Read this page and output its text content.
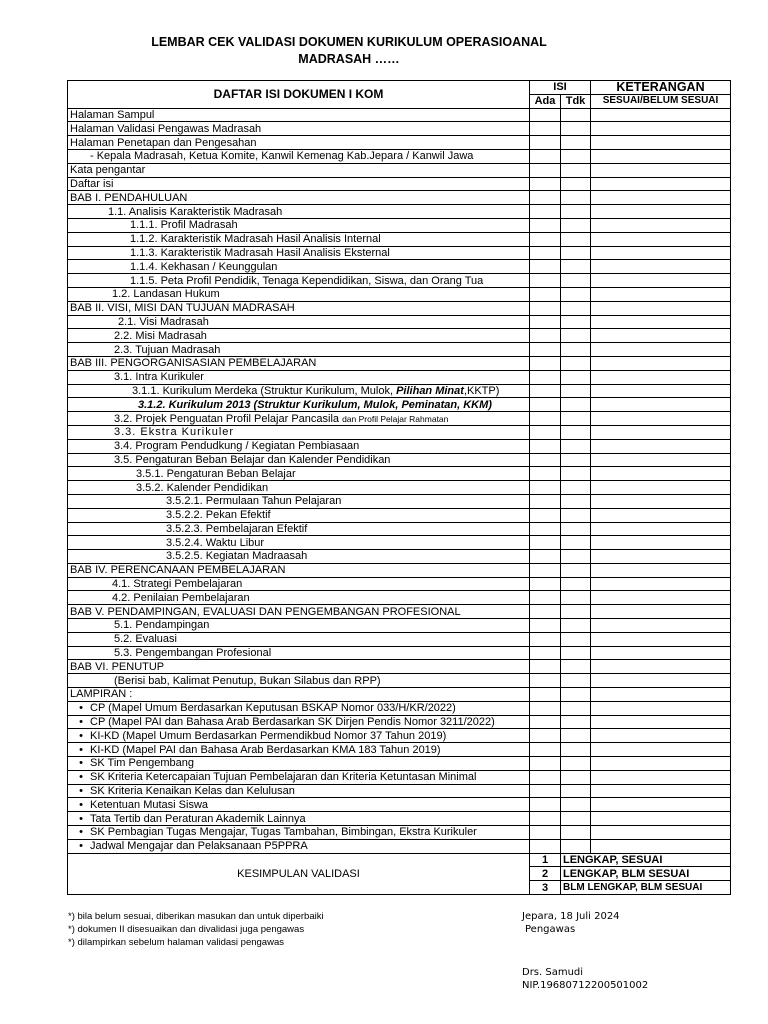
LEMBAR CEK VALIDASI DOKUMEN KURIKULUM OPERASIOANAL
MADRASAH ……
DAFTAR ISI DOKUMEN I KOM	ISI		KETERANGAN
	Ada	Tdk	SESUAI/BELUM SESUAI
Halaman Sampul			
Halaman Validasi Pengawas Madrasah			
Halaman Penetapan dan Pengesahan			
- Kepala Madrasah, Ketua Komite, Kanwil Kemenag Kab.Jepara / Kanwil Jawa			
Kata pengantar			
Daftar isi			
BAB I. PENDAHULUAN			
1.1. Analisis Karakteristik Madrasah			
1.1.1. Profil Madrasah			
1.1.2. Karakteristik Madrasah Hasil Analisis Internal			
1.1.3. Karakteristik Madrasah Hasil Analisis Eksternal			
1.1.4. Kekhasan / Keunggulan			
1.1.5. Peta Profil Pendidik, Tenaga Kependidikan, Siswa, dan Orang Tua			
1.2. Landasan Hukum			
BAB II. VISI, MISI DAN TUJUAN MADRASAH			
2.1. Visi Madrasah			
2.2. Misi Madrasah			
2.3. Tujuan Madrasah			
BAB III. PENGORGANISASIAN PEMBELAJARAN			
3.1. Intra Kurikuler			
3.1.1. Kurikulum Merdeka (Struktur Kurikulum, Mulok, Pilihan Minat,KKTP)			
3.1.2. Kurikulum 2013 (Struktur Kurikulum, Mulok, Peminatan, KKM)			
3.2. Projek Penguatan Profil Pelajar Pancasila dan Profil Pelajar Rahmatan			
3.3. Ekstra Kurikuler			
3.4. Program Pendudkung / Kegiatan Pembiasaan			
3.5. Pengaturan Beban Belajar dan Kalender Pendidikan			
3.5.1. Pengaturan Beban Belajar			
3.5.2. Kalender Pendidikan			
3.5.2.1. Permulaan Tahun Pelajaran			
3.5.2.2. Pekan Efektif			
3.5.2.3. Pembelajaran Efektif			
3.5.2.4. Waktu Libur			
3.5.2.5. Kegiatan Madraasah			
BAB IV. PERENCANAAN PEMBELAJARAN			
4.1. Strategi Pembelajaran			
4.2. Penilaian Pembelajaran			
BAB V. PENDAMPINGAN, EVALUASI DAN PENGEMBANGAN PROFESIONAL			
5.1. Pendampingan			
5.2. Evaluasi			
5.3. Pengembangan Profesional			
BAB VI. PENUTUP			
(Berisi bab, Kalimat Penutup, Bukan Silabus dan RPP)			
LAMPIRAN :			
• CP (Mapel Umum Berdasarkan Keputusan BSKAP Nomor 033/H/KR/2022)			
• CP (Mapel PAI dan Bahasa Arab Berdasarkan SK Dirjen Pendis Nomor 3211/2022)			
• KI-KD (Mapel Umum Berdasarkan Permendikbud Nomor 37 Tahun 2019)			
• KI-KD (Mapel PAI dan Bahasa Arab Berdasarkan KMA 183 Tahun 2019)			
• SK Tim Pengembang			
• SK Kriteria Ketercapaian Tujuan Pembelajaran dan Kriteria Ketuntasan Minimal			
• SK Kriteria Kenaikan Kelas dan Kelulusan			
• Ketentuan Mutasi Siswa			
• Tata Tertib dan Peraturan Akademik Lainnya			
• SK Pembagian Tugas Mengajar, Tugas Tambahan, Bimbingan, Ekstra Kurikuler			
• Jadwal Mengajar dan Pelaksanaan P5PPRA			
KESIMPULAN VALIDASI	1	LENGKAP, SESUAI	
	2	LENGKAP, BLM SESUAI	
	3	BLM LENGKAP, BLM SESUAI	
*) bila belum sesuai, diberikan masukan dan untuk diperbaiki
*) dokumen II disesuaikan dan divalidasi juga pengawas
*) dilampirkan sebelum halaman validasi pengawas
Jepara, 18 Juli 2024
Pengawas
Drs. Samudi
NIP.19680712200501002
